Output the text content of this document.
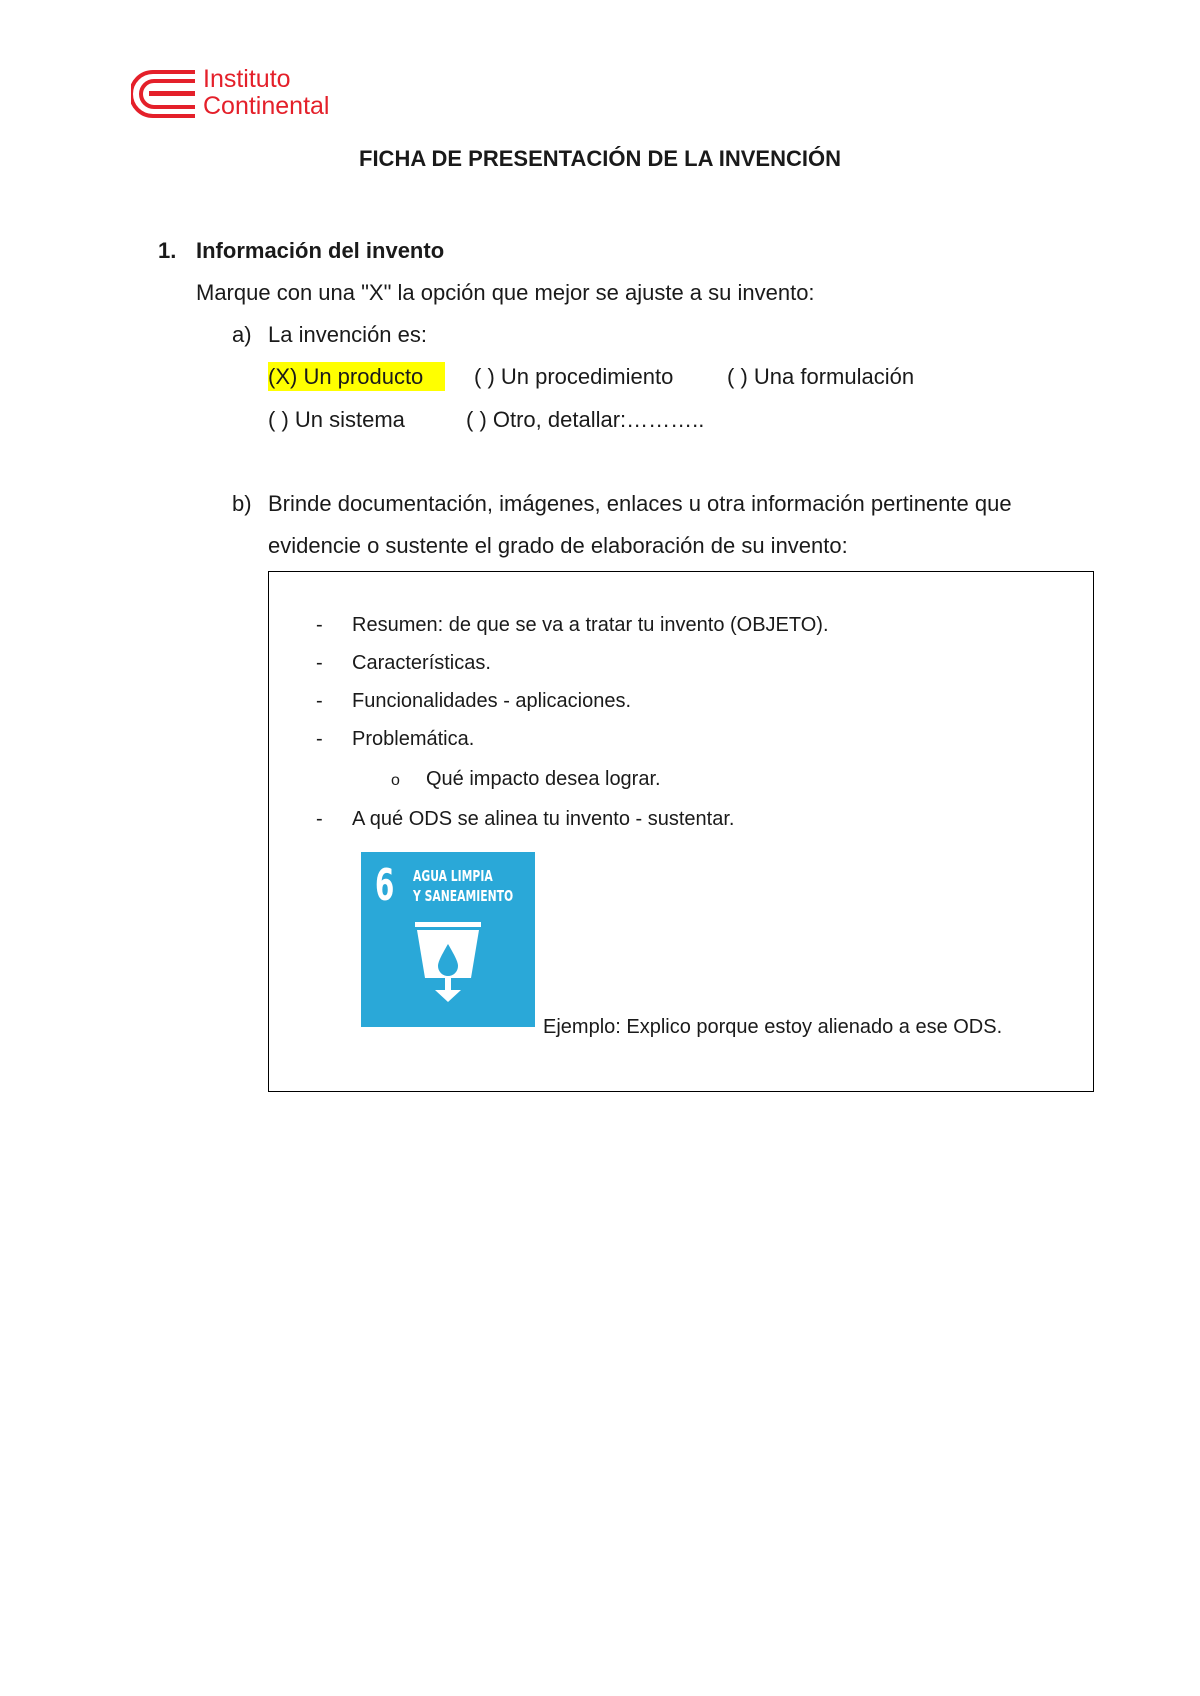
Instituto
Continental
FICHA DE PRESENTACIÓN DE LA INVENCIÓN
1. Información del invento
Marque con una "X" la opción que mejor se ajuste a su invento:
a) La invención es:
(X) Un producto	( ) Un procedimiento ( ) Una formulación
( ) Un sistema	( ) Otro, detallar:………..
b) Brinde documentación, imágenes, enlaces u otra información pertinente que
evidencie o sustente el grado de elaboración de su invento:
- Resumen: de que se va a tratar tu invento (OBJETO).
- Características.
- Funcionalidades - aplicaciones.
- Problemática.
o Qué impacto desea lograr.
- A qué ODS se alinea tu invento - sustentar.
6 AGUA LIMPIA
Y SANEAMIENTO
Ejemplo: Explico porque estoy alienado a ese ODS.
